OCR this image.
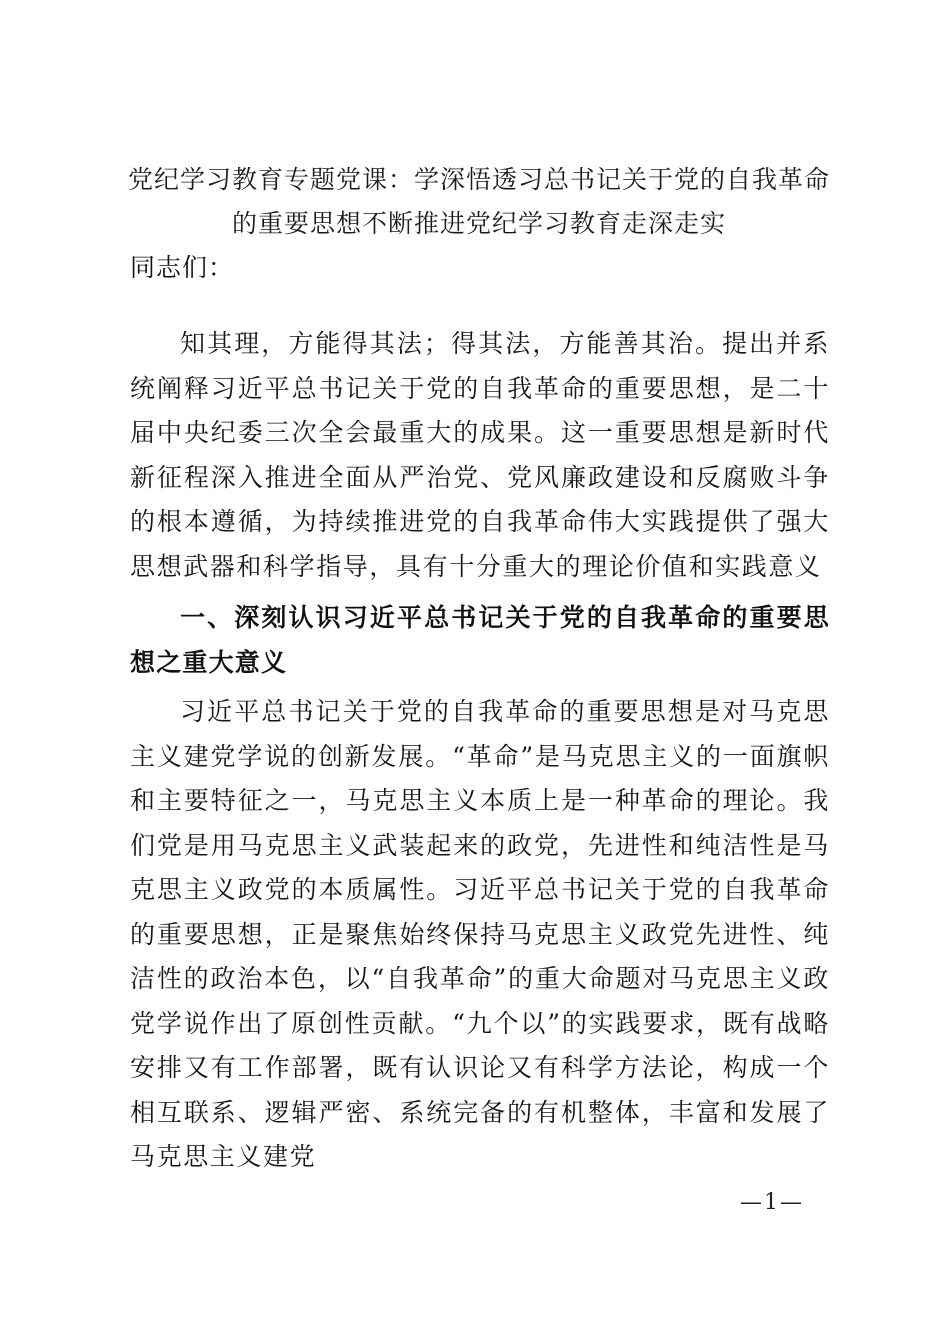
党纪学习教育专题党课：学深悟透习总书记关于党的自我革命
的重要思想不断推进党纪学习教育走深走实
同志们：
知其理，方能得其法；得其法，方能善其治。提出并系统阐释习近平总书记关于党的自我革命的重要思想，是二十届中央纪委三次全会最重大的成果。这一重要思想是新时代新征程深入推进全面从严治党、党风廉政建设和反腐败斗争的根本遵循，为持续推进党的自我革命伟大实践提供了强大思想武器和科学指导，具有十分重大的理论价值和实践意义
一、深刻认识习近平总书记关于党的自我革命的重要思想之重大意义
习近平总书记关于党的自我革命的重要思想是对马克思主义建党学说的创新发展。“革命”是马克思主义的一面旗帜和主要特征之一，马克思主义本质上是一种革命的理论。我们党是用马克思主义武装起来的政党，先进性和纯洁性是马克思主义政党的本质属性。习近平总书记关于党的自我革命的重要思想，正是聚焦始终保持马克思主义政党先进性、纯洁性的政治本色，以“自我革命”的重大命题对马克思主义政党学说作出了原创性贡献。“九个以”的实践要求，既有战略安排又有工作部署，既有认识论又有科学方法论，构成一个相互联系、逻辑严密、系统完备的有机整体，丰富和发展了马克思主义建党
—1—
